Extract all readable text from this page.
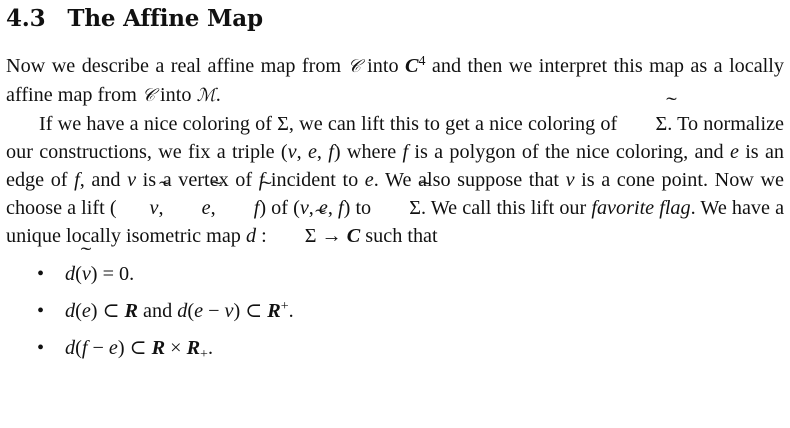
4.3 The Affine Map

Now we describe a real affine map from 𝒞 into $C^4$ and then we interpret this map as a locally affine map from 𝒞 into ℳ.

If we have a nice coloring of Σ, we can lift this to get a nice coloring of ˜ Σ. To normalize our constructions, we fix a triple (v, e, f) where f is a polygon of the nice coloring, and e is an edge of f, and v is a vertex of f incident to e. We also suppose that v is a cone point. Now we choose a lift (˜ v, ˜ e, ˜ f) of (v, e, f) to ˜ Σ. We call this lift our favorite flag. We have a unique locally isometric map d : ˜ Σ → C such that

• d(˜ v) = 0.
• d(e) ⊂ R and d(e − v) ⊂ R+.
• d(f − e) ⊂ $R \times R_+$.
